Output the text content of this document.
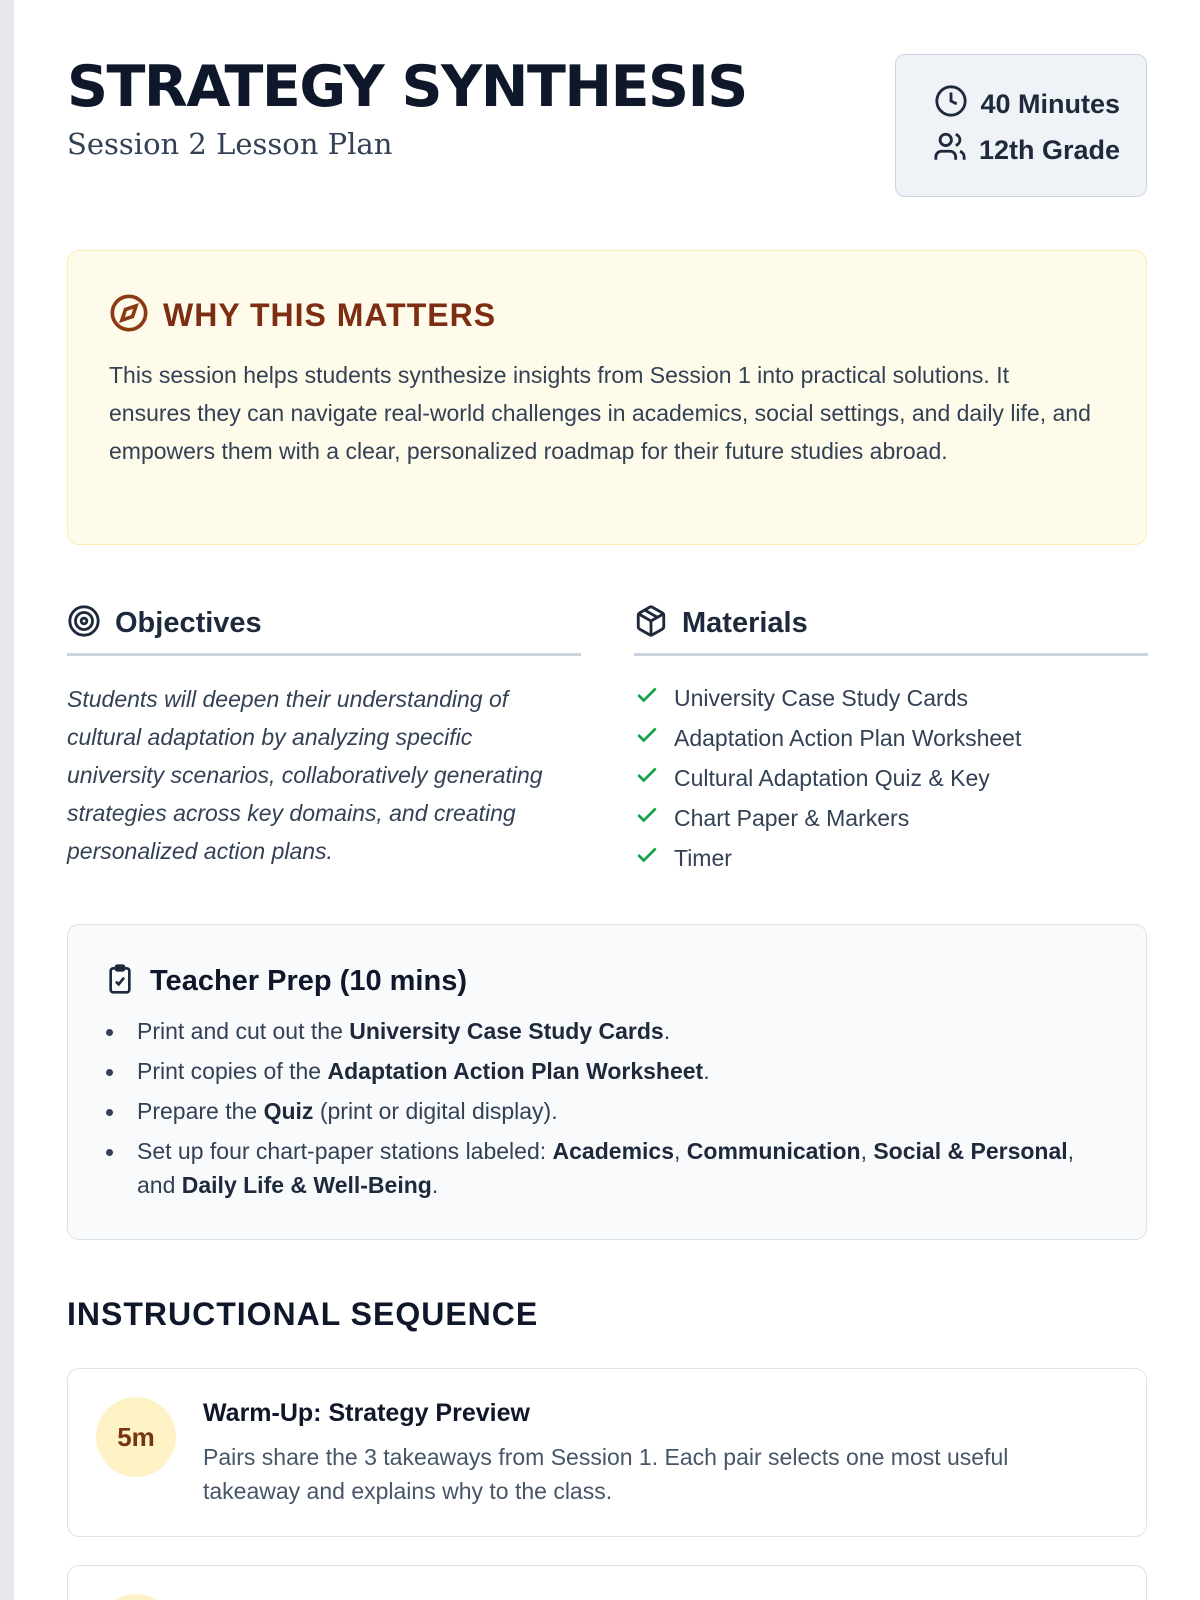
STRATEGY SYNTHESIS
Session 2 Lesson Plan
40 Minutes
12th Grade
WHY THIS MATTERS

This session helps students synthesize insights from Session 1 into practical solutions. It ensures they can navigate real-world challenges in academics, social settings, and daily life, and empowers them with a clear, personalized roadmap for their future studies abroad.

Objectives

Students will deepen their understanding of cultural adaptation by analyzing specific university scenarios, collaboratively generating strategies across key domains, and creating personalized action plans.

Materials
University Case Study Cards
Adaptation Action Plan Worksheet
Cultural Adaptation Quiz & Key
Chart Paper & Markers
Timer
Teacher Prep (10 mins)
Print and cut out the University Case Study Cards.
Print copies of the Adaptation Action Plan Worksheet.
Prepare the Quiz (print or digital display).
Set up four chart-paper stations labeled: Academics, Communication, Social & Personal, and Daily Life & Well-Being.
INSTRUCTIONAL SEQUENCE
5m
Warm-Up: Strategy Preview

Pairs share the 3 takeaways from Session 1. Each pair selects one most useful takeaway and explains why to the class.
